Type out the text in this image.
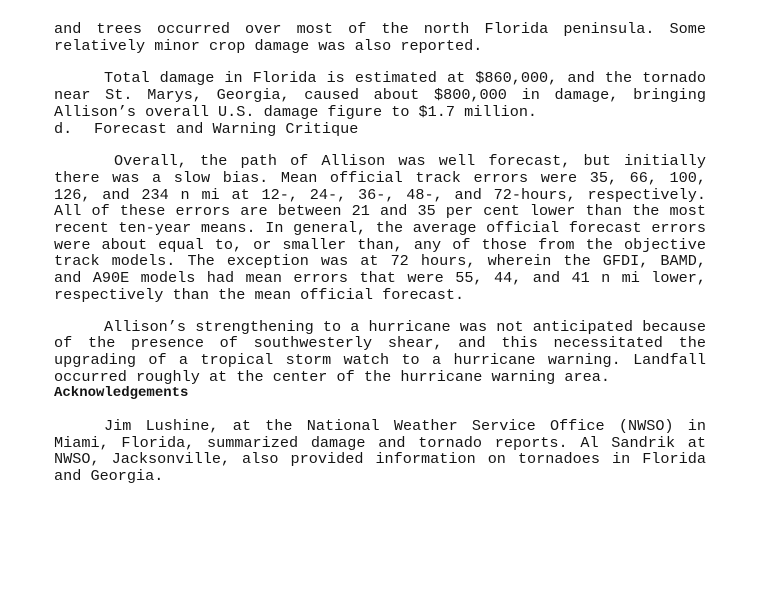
and trees occurred over most of the north Florida peninsula. Some relatively minor crop damage was also reported.

Total damage in Florida is estimated at $860,000, and the tornado near St. Marys, Georgia, caused about $800,000 in damage, bringing Allison’s overall U.S. damage figure to $1.7 million.

d. Forecast and Warning Critique

Overall, the path of Allison was well forecast, but initially there was a slow bias. Mean official track errors were 35, 66, 100, 126, and 234 n mi at 12-, 24-, 36-, 48-, and 72-hours, respectively. All of these errors are between 21 and 35 per cent lower than the most recent ten-year means. In general, the average official forecast errors were about equal to, or smaller than, any of those from the objective track models. The exception was at 72 hours, wherein the GFDI, BAMD, and A90E models had mean errors that were 55, 44, and 41 n mi lower, respectively than the mean official forecast.

Allison’s strengthening to a hurricane was not anticipated because of the presence of southwesterly shear, and this necessitated the upgrading of a tropical storm watch to a hurricane warning. Landfall occurred roughly at the center of the hurricane warning area.

Acknowledgements

Jim Lushine, at the National Weather Service Office (NWSO) in Miami, Florida, summarized damage and tornado reports. Al Sandrik at NWSO, Jacksonville, also provided information on tornadoes in Florida and Georgia.
